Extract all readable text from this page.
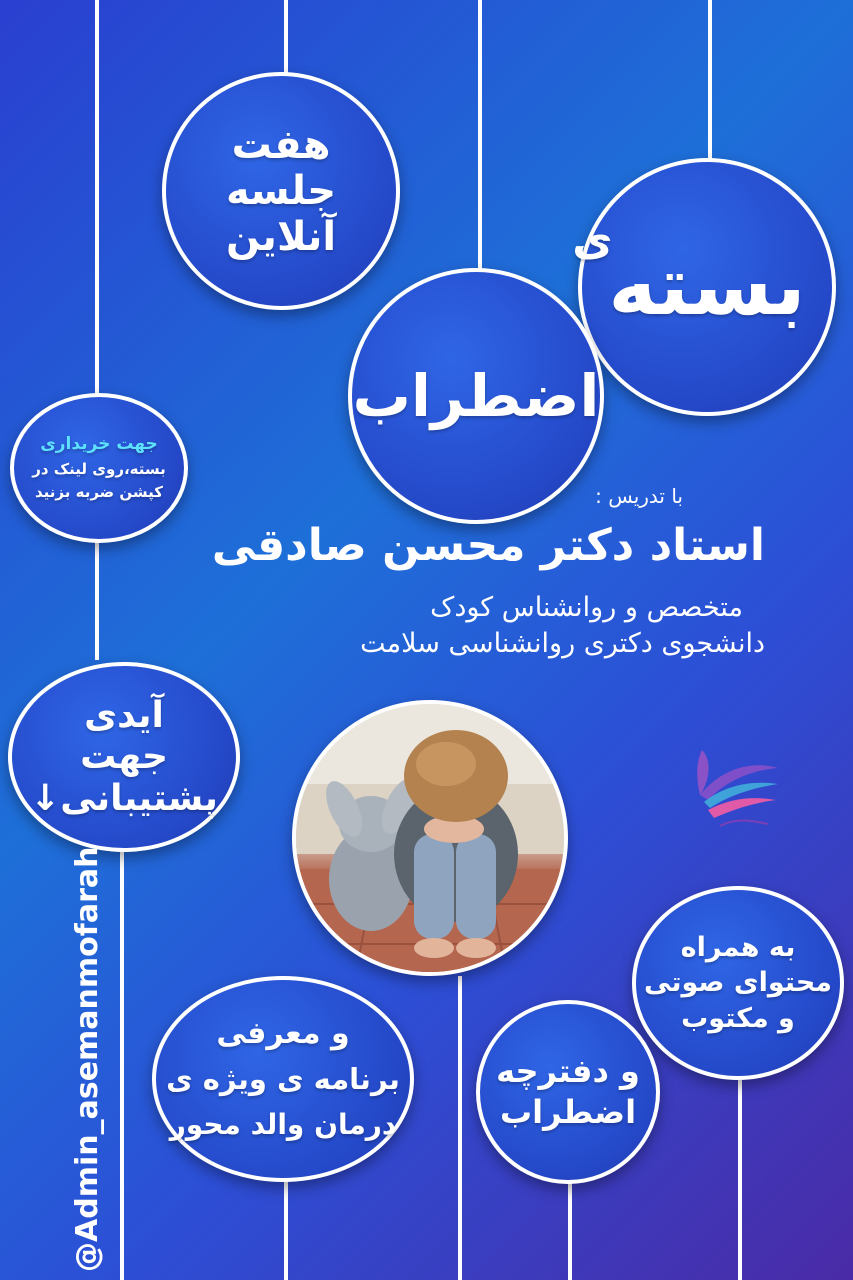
بسته
ی
هفت
جلسه
آنلاین
اضطراب
جهت خریداری
بسته،روی لینک در
کپشن ضربه بزنید	با تدریس :
استاد دکتر محسن صادقی
متخصص و روانشناس کودک
دانشجوی دکتری روانشناسی سلامت
آیدی
جهت
پشتیبانی↓
به همراه
محتوای صوتی
و مکتوب
و دفترچه
اضطراب
و معرفی
برنامه ی ویژه ی
درمان والد محور
@Admin_asemanmofarah
